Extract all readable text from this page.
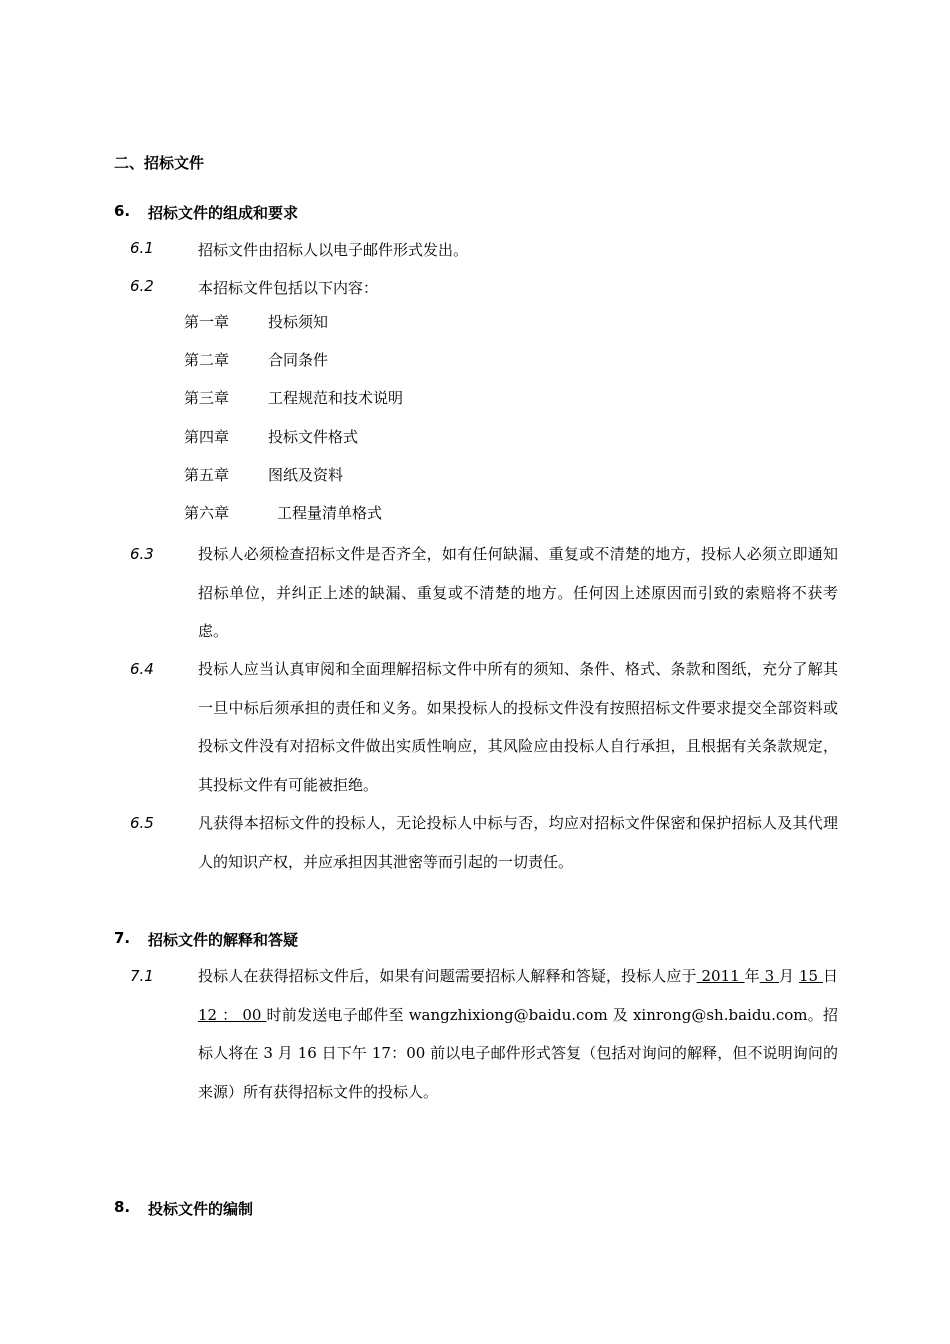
二、招标文件
6. 招标文件的组成和要求
6.1	招标文件由招标人以电子邮件形式发出。
6.2	本招标文件包括以下内容：
第一章	投标须知
第二章	合同条件
第三章	工程规范和技术说明
第四章	投标文件格式
第五章	图纸及资料
第六章	工程量清单格式
6.3	投标人必须检查招标文件是否齐全，如有任何缺漏、重复或不清楚的地方，投标人必须立即通知招标单位，并纠正上述的缺漏、重复或不清楚的地方。任何因上述原因而引致的索赔将不获考虑。
6.4	投标人应当认真审阅和全面理解招标文件中所有的须知、条件、格式、条款和图纸，充分了解其一旦中标后须承担的责任和义务。如果投标人的投标文件没有按照招标文件要求提交全部资料或投标文件没有对招标文件做出实质性响应，其风险应由投标人自行承担，且根据有关条款规定，其投标文件有可能被拒绝。
6.5	凡获得本招标文件的投标人，无论投标人中标与否，均应对招标文件保密和保护招标人及其代理人的知识产权，并应承担因其泄密等而引起的一切责任。
7. 招标文件的解释和答疑
7.1	投标人在获得招标文件后，如果有问题需要招标人解释和答疑，投标人应于 2011 年 3 月 15 日 12 ： 00 时前发送电子邮件至 wangzhixiong@baidu.com 及 xinrong@sh.baidu.com。招标人将在 3 月 16 日下午 17：00 前以电子邮件形式答复（包括对询问的解释，但不说明询问的来源）所有获得招标文件的投标人。
8. 投标文件的编制
